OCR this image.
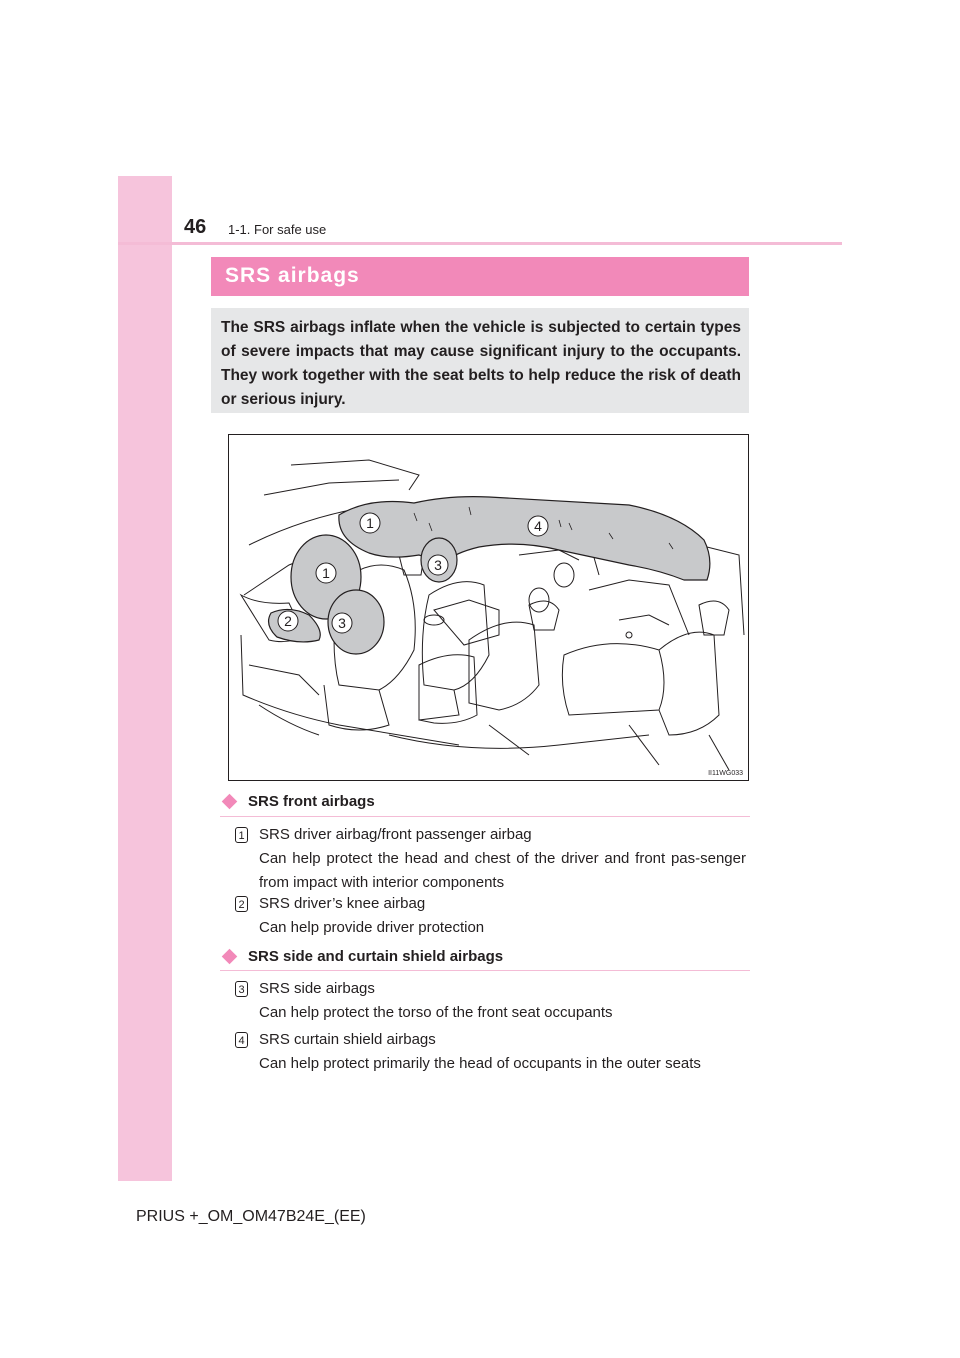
46 1-1. For safe use
SRS airbags
The SRS airbags inflate when the vehicle is subjected to certain types of severe impacts that may cause significant injury to the occupants. They work together with the seat belts to help reduce the risk of death or serious injury.
1
1
2	3
3
4
II11WG033
SRS front airbags
1 SRS driver airbag/front passenger airbag
Can help protect the head and chest of the driver and front pas-senger from impact with interior components
2 SRS driver’s knee airbag
Can help provide driver protection
SRS side and curtain shield airbags
3 SRS side airbags
Can help protect the torso of the front seat occupants
4 SRS curtain shield airbags
Can help protect primarily the head of occupants in the outer seats
PRIUS +_OM_OM47B24E_(EE)
